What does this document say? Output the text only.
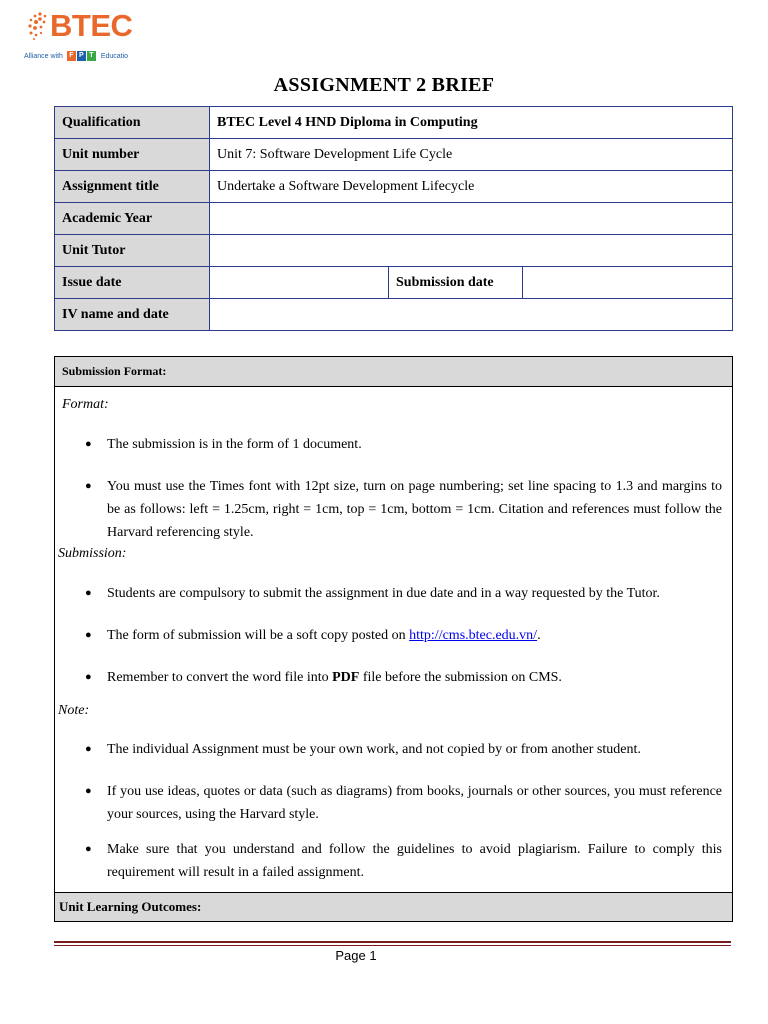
BTEC
Alliance with F P T Educatio
ASSIGNMENT 2 BRIEF
Qualification	BTEC Level 4 HND Diploma in Computing		
Unit number	Unit 7: Software Development Life Cycle		
Assignment title	Undertake a Software Development Lifecycle		
Academic Year			
Unit Tutor			
Issue date		Submission date	
IV name and date			
Submission Format:
Format:
●	The submission is in the form of 1 document.
●	You must use the Times font with 12pt size, turn on page numbering; set line spacing to 1.3 and margins to be as follows: left = 1.25cm, right = 1cm, top = 1cm, bottom = 1cm. Citation and references must follow the Harvard referencing style.
Submission:
●	Students are compulsory to submit the assignment in due date and in a way requested by the Tutor.
●	The form of submission will be a soft copy posted on http://cms.btec.edu.vn/.
●	Remember to convert the word file into PDF file before the submission on CMS.
Note:
●	The individual Assignment must be your own work, and not copied by or from another student.
●	If you use ideas, quotes or data (such as diagrams) from books, journals or other sources, you must reference your sources, using the Harvard style.
●	Make sure that you understand and follow the guidelines to avoid plagiarism. Failure to comply this requirement will result in a failed assignment.
Unit Learning Outcomes:
Page 1
